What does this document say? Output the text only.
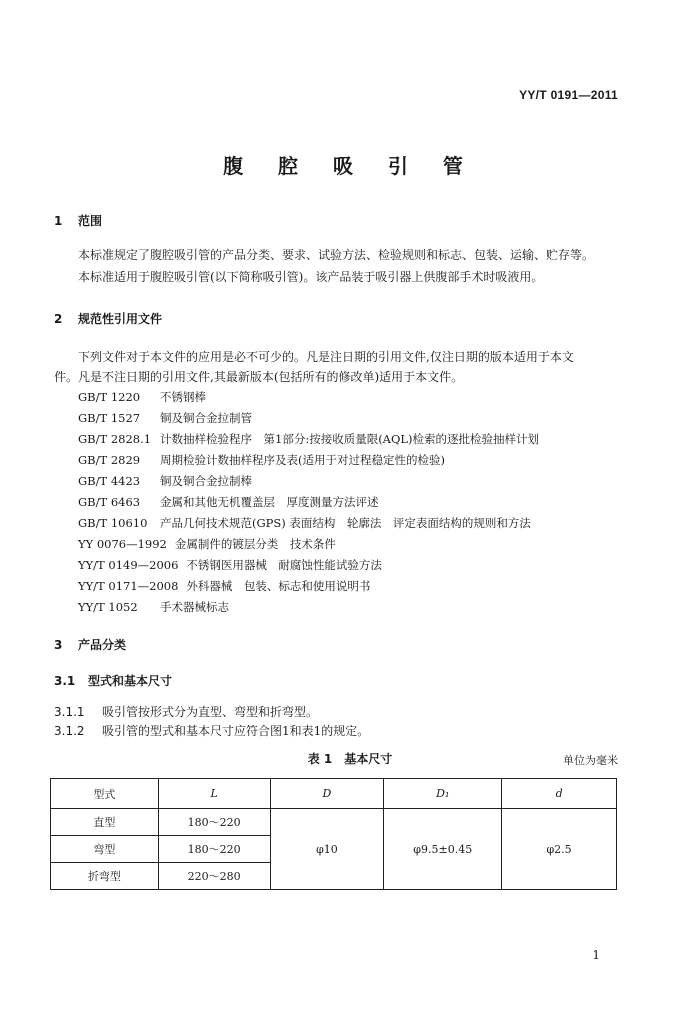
YY/T 0191—2011
腹 腔 吸 引 管
1 范围
本标准规定了腹腔吸引管的产品分类、要求、试验方法、检验规则和标志、包装、运输、贮存等。
本标准适用于腹腔吸引管(以下简称吸引管)。该产品装于吸引器上供腹部手术时吸液用。
2 规范性引用文件
下列文件对于本文件的应用是必不可少的。凡是注日期的引用文件,仅注日期的版本适用于本文
件。凡是不注日期的引用文件,其最新版本(包括所有的修改单)适用于本文件。
GB/T 1220 不锈钢棒
GB/T 1527 铜及铜合金拉制管
GB/T 2828.1 计数抽样检验程序　第1部分:按接收质量限(AQL)检索的逐批检验抽样计划
GB/T 2829 周期检验计数抽样程序及表(适用于对过程稳定性的检验)
GB/T 4423 铜及铜合金拉制棒
GB/T 6463 金属和其他无机覆盖层　厚度测量方法评述
GB/T 10610 产品几何技术规范(GPS) 表面结构　轮廓法　评定表面结构的规则和方法
YY 0076—1992 金属制件的镀层分类　技术条件
YY/T 0149—2006 不锈钢医用器械　耐腐蚀性能试验方法
YY/T 0171—2008 外科器械　包装、标志和使用说明书
YY/T 1052 手术器械标志
3 产品分类
3.1 型式和基本尺寸
3.1.1 吸引管按形式分为直型、弯型和折弯型。
3.1.2 吸引管的型式和基本尺寸应符合图1和表1的规定。
表 1　基本尺寸	单位为毫米
型式	L	D	D₁	d
直型	180～220	φ10	φ9.5±0.45	φ2.5
弯型	180～220			
折弯型	220～280			
1
